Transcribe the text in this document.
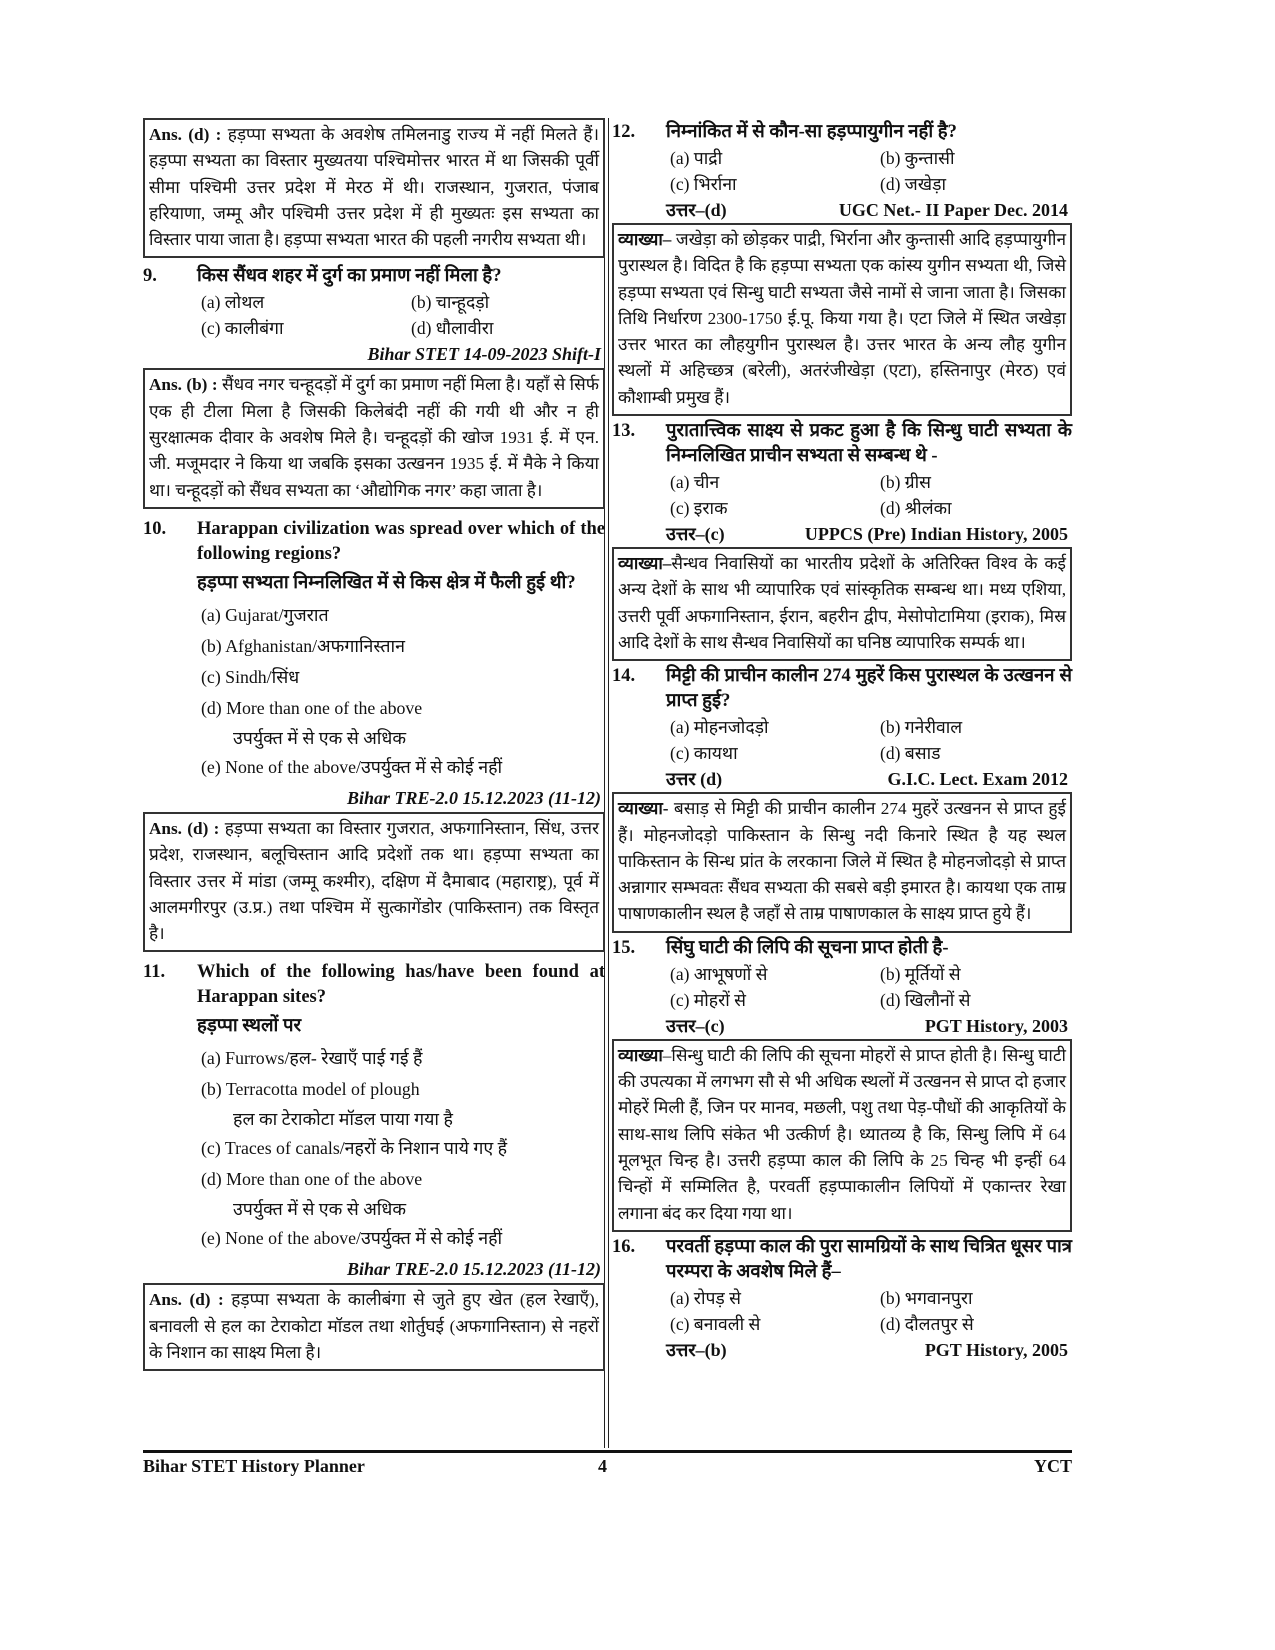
Ans. (d) : हड़प्पा सभ्यता के अवशेष तमिलनाडु राज्य में नहीं मिलते हैं। हड़प्पा सभ्यता का विस्तार मुख्यतया पश्चिमोत्तर भारत में था जिसकी पूर्वी सीमा पश्चिमी उत्तर प्रदेश में मेरठ में थी। राजस्थान, गुजरात, पंजाब हरियाणा, जम्मू और पश्चिमी उत्तर प्रदेश में ही मुख्यतः इस सभ्यता का विस्तार पाया जाता है। हड़प्पा सभ्यता भारत की पहली नगरीय सभ्यता थी।
9.	किस सैंधव शहर में दुर्ग का प्रमाण नहीं मिला है?
(a) लोथल	(b) चान्हूदड़ो
(c) कालीबंगा	(d) धौलावीरा
Bihar STET 14-09-2023 Shift-I
Ans. (b) : सैंधव नगर चन्हूदड़ों में दुर्ग का प्रमाण नहीं मिला है। यहाँ से सिर्फ एक ही टीला मिला है जिसकी किलेबंदी नहीं की गयी थी और न ही सुरक्षात्मक दीवार के अवशेष मिले है। चन्हूदड़ों की खोज 1931 ई. में एन. जी. मजूमदार ने किया था जबकि इसका उत्खनन 1935 ई. में मैके ने किया था। चन्हूदड़ों को सैंधव सभ्यता का ‘औद्योगिक नगर’ कहा जाता है।
10.	Harappan civilization was spread over which of the following regions?
हड़प्पा सभ्यता निम्नलिखित में से किस क्षेत्र में फैली हुई थी?
(a) Gujarat/गुजरात
(b) Afghanistan/अफगानिस्तान
(c) Sindh/सिंध
(d) More than one of the above
उपर्युक्त में से एक से अधिक
(e) None of the above/उपर्युक्त में से कोई नहीं
Bihar TRE-2.0 15.12.2023 (11-12)
Ans. (d) : हड़प्पा सभ्यता का विस्तार गुजरात, अफगानिस्तान, सिंध, उत्तर प्रदेश, राजस्थान, बलूचिस्तान आदि प्रदेशों तक था। हड़प्पा सभ्यता का विस्तार उत्तर में मांडा (जम्मू कश्मीर), दक्षिण में दैमाबाद (महाराष्ट्र), पूर्व में आलमगीरपुर (उ.प्र.) तथा पश्चिम में सुत्कागेंडोर (पाकिस्तान) तक विस्तृत है।
11.	Which of the following has/have been found at Harappan sites?
हड़प्पा स्थलों पर
(a) Furrows/हल- रेखाएँ पाई गई हैं
(b) Terracotta model of plough
हल का टेराकोटा मॉडल पाया गया है
(c) Traces of canals/नहरों के निशान पाये गए हैं
(d) More than one of the above
उपर्युक्त में से एक से अधिक
(e) None of the above/उपर्युक्त में से कोई नहीं
Bihar TRE-2.0 15.12.2023 (11-12)
Ans. (d) : हड़प्पा सभ्यता के कालीबंगा से जुते हुए खेत (हल रेखाएँ), बनावली से हल का टेराकोटा मॉडल तथा शोर्तुघई (अफगानिस्तान) से नहरों के निशान का साक्ष्य मिला है।
12.	निम्नांकित में से कौन-सा हड़प्पायुगीन नहीं है?
(a) पाद्री	(b) कुन्तासी
(c) भिर्राना	(d) जखेड़ा
उत्तर–(d)	UGC Net.- II Paper Dec. 2014
व्याख्या– जखेड़ा को छोड़कर पाद्री, भिर्राना और कुन्तासी आदि हड़प्पायुगीन पुरास्थल है। विदित है कि हड़प्पा सभ्यता एक कांस्य युगीन सभ्यता थी, जिसे हड़प्पा सभ्यता एवं सिन्धु घाटी सभ्यता जैसे नामों से जाना जाता है। जिसका तिथि निर्धारण 2300-1750 ई.पू. किया गया है। एटा जिले में स्थित जखेड़ा उत्तर भारत का लौहयुगीन पुरास्थल है। उत्तर भारत के अन्य लौह युगीन स्थलों में अहिच्छत्र (बरेली), अतरंजीखेड़ा (एटा), हस्तिनापुर (मेरठ) एवं कौशाम्बी प्रमुख हैं।
13.	पुरातात्त्विक साक्ष्य से प्रकट हुआ है कि सिन्धु घाटी सभ्यता के निम्नलिखित प्राचीन सभ्यता से सम्बन्ध थे -
(a) चीन	(b) ग्रीस
(c) इराक	(d) श्रीलंका
उत्तर–(c)	UPPCS (Pre) Indian History, 2005
व्याख्या–सैन्धव निवासियों का भारतीय प्रदेशों के अतिरिक्त विश्व के कई अन्य देशों के साथ भी व्यापारिक एवं सांस्कृतिक सम्बन्ध था। मध्य एशिया, उत्तरी पूर्वी अफगानिस्तान, ईरान, बहरीन द्वीप, मेसोपोटामिया (इराक), मिस्र आदि देशों के साथ सैन्धव निवासियों का घनिष्ठ व्यापारिक सम्पर्क था।
14.	मिट्टी की प्राचीन कालीन 274 मुहरें किस पुरास्थल के उत्खनन से प्राप्त हुई?
(a) मोहनजोदड़ो	(b) गनेरीवाल
(c) कायथा	(d) बसाड
उत्तर (d)	G.I.C. Lect. Exam 2012
व्याख्या- बसाड़ से मिट्टी की प्राचीन कालीन 274 मुहरें उत्खनन से प्राप्त हुई हैं। मोहनजोदड़ो पाकिस्तान के सिन्धु नदी किनारे स्थित है यह स्थल पाकिस्तान के सिन्ध प्रांत के लरकाना जिले में स्थित है मोहनजोदड़ो से प्राप्त अन्नागार सम्भवतः सैंधव सभ्यता की सबसे बड़ी इमारत है। कायथा एक ताम्र पाषाणकालीन स्थल है जहाँ से ताम्र पाषाणकाल के साक्ष्य प्राप्त हुये हैं।
15.	सिंघु घाटी की लिपि की सूचना प्राप्त होती है-
(a) आभूषणों से	(b) मूर्तियों से
(c) मोहरों से	(d) खिलौनों से
उत्तर–(c)	PGT History, 2003
व्याख्या–सिन्धु घाटी की लिपि की सूचना मोहरों से प्राप्त होती है। सिन्धु घाटी की उपत्यका में लगभग सौ से भी अधिक स्थलों में उत्खनन से प्राप्त दो हजार मोहरें मिली हैं, जिन पर मानव, मछली, पशु तथा पेड़-पौधों की आकृतियों के साथ-साथ लिपि संकेत भी उत्कीर्ण है। ध्यातव्य है कि, सिन्धु लिपि में 64 मूलभूत चिन्ह है। उत्तरी हड़प्पा काल की लिपि के 25 चिन्ह भी इन्हीं 64 चिन्हों में सम्मिलित है, परवर्ती हड़प्पाकालीन लिपियों में एकान्तर रेखा लगाना बंद कर दिया गया था।
16.	परवर्ती हड़प्पा काल की पुरा सामग्रियों के साथ चित्रित धूसर पात्र परम्परा के अवशेष मिले हैं–
(a) रोपड़ से	(b) भगवानपुरा
(c) बनावली से	(d) दौलतपुर से
उत्तर–(b)	PGT History, 2005
Bihar STET History Planner	4	YCT
